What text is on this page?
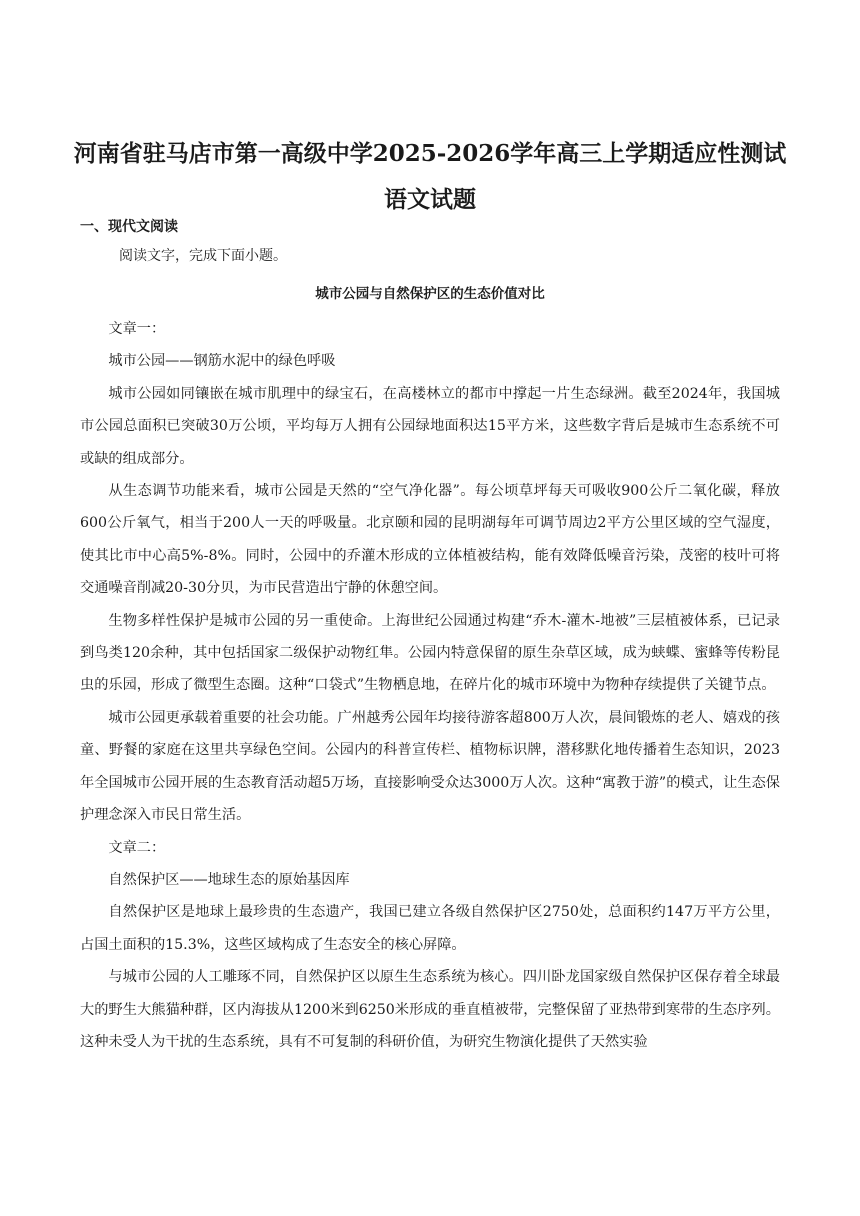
河南省驻马店市第一高级中学2025-2026学年高三上学期适应性测试语文试题
一、现代文阅读
阅读文字，完成下面小题。
城市公园与自然保护区的生态价值对比

文章一：

城市公园——钢筋水泥中的绿色呼吸

城市公园如同镶嵌在城市肌理中的绿宝石，在高楼林立的都市中撑起一片生态绿洲。截至2024年，我国城市公园总面积已突破30万公顷，平均每万人拥有公园绿地面积达15平方米，这些数字背后是城市生态系统不可或缺的组成部分。

从生态调节功能来看，城市公园是天然的“空气净化器”。每公顷草坪每天可吸收900公斤二氧化碳，释放600公斤氧气，相当于200人一天的呼吸量。北京颐和园的昆明湖每年可调节周边2平方公里区域的空气湿度，使其比市中心高5%-8%。同时，公园中的乔灌木形成的立体植被结构，能有效降低噪音污染，茂密的枝叶可将交通噪音削减20-30分贝，为市民营造出宁静的休憩空间。

生物多样性保护是城市公园的另一重使命。上海世纪公园通过构建“乔木-灌木-地被”三层植被体系，已记录到鸟类120余种，其中包括国家二级保护动物红隼。公园内特意保留的原生杂草区域，成为蛱蝶、蜜蜂等传粉昆虫的乐园，形成了微型生态圈。这种“口袋式”生物栖息地，在碎片化的城市环境中为物种存续提供了关键节点。

城市公园更承载着重要的社会功能。广州越秀公园年均接待游客超800万人次，晨间锻炼的老人、嬉戏的孩童、野餐的家庭在这里共享绿色空间。公园内的科普宣传栏、植物标识牌，潜移默化地传播着生态知识，2023年全国城市公园开展的生态教育活动超5万场，直接影响受众达3000万人次。这种“寓教于游”的模式，让生态保护理念深入市民日常生活。

文章二：

自然保护区——地球生态的原始基因库

自然保护区是地球上最珍贵的生态遗产，我国已建立各级自然保护区2750处，总面积约147万平方公里，占国土面积的15.3%，这些区域构成了生态安全的核心屏障。

与城市公园的人工雕琢不同，自然保护区以原生生态系统为核心。四川卧龙国家级自然保护区保存着全球最大的野生大熊猫种群，区内海拔从1200米到6250米形成的垂直植被带，完整保留了亚热带到寒带的生态序列。这种未受人为干扰的生态系统，具有不可复制的科研价值，为研究生物演化提供了天然实验
